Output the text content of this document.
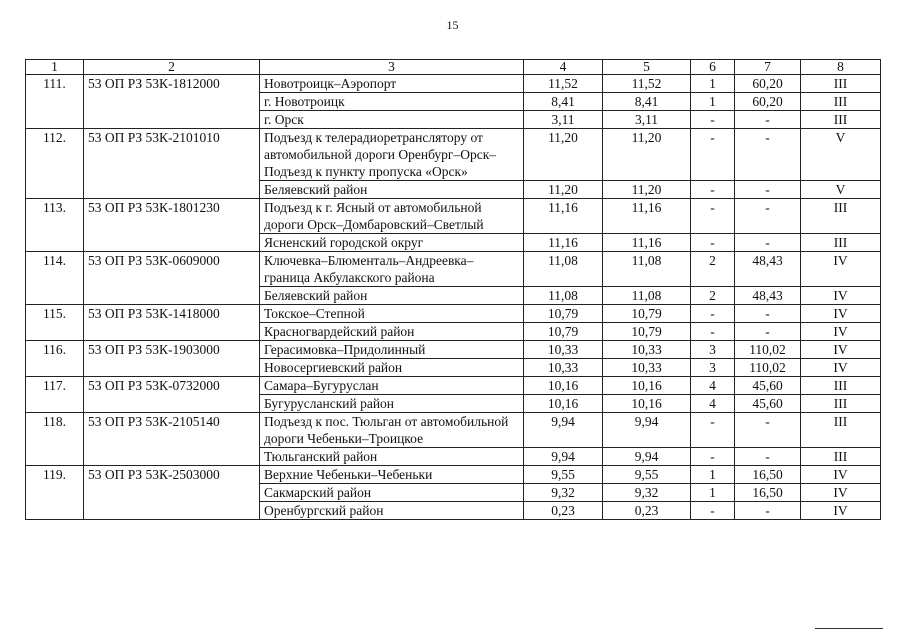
15
1	2	3	4	5	6	7	8
111.	53 ОП РЗ 53К-1812000	Новотроицк–Аэропорт	11,52	11,52	1	60,20	III
		г. Новотроицк	8,41	8,41	1	60,20	III
		г. Орск	3,11	3,11	-	-	III
112.	53 ОП РЗ 53К-2101010	Подъезд к телерадиоретранслятору от автомобильной дороги Оренбург–Орск–Подъезд к пункту пропуска «Орск»	11,20	11,20	-	-	V
		Беляевский район	11,20	11,20	-	-	V
113.	53 ОП РЗ 53К-1801230	Подъезд к г. Ясный от автомобильной дороги Орск–Домбаровский–Светлый	11,16	11,16	-	-	III
		Ясненский городской округ	11,16	11,16	-	-	III
114.	53 ОП РЗ 53К-0609000	Ключевка–Блюменталь–Андреевка–граница Акбулакского района	11,08	11,08	2	48,43	IV
		Беляевский район	11,08	11,08	2	48,43	IV
115.	53 ОП РЗ 53К-1418000	Токское–Степной	10,79	10,79	-	-	IV
		Красногвардейский район	10,79	10,79	-	-	IV
116.	53 ОП РЗ 53К-1903000	Герасимовка–Придолинный	10,33	10,33	3	110,02	IV
		Новосергиевский район	10,33	10,33	3	110,02	IV
117.	53 ОП РЗ 53К-0732000	Самара–Бугуруслан	10,16	10,16	4	45,60	III
		Бугурусланский район	10,16	10,16	4	45,60	III
118.	53 ОП РЗ 53К-2105140	Подъезд к пос. Тюльган от автомобильной дороги Чебеньки–Троицкое	9,94	9,94	-	-	III
		Тюльганский район	9,94	9,94	-	-	III
119.	53 ОП РЗ 53К-2503000	Верхние Чебеньки–Чебеньки	9,55	9,55	1	16,50	IV
		Сакмарский район	9,32	9,32	1	16,50	IV
		Оренбургский район	0,23	0,23	-	-	IV
